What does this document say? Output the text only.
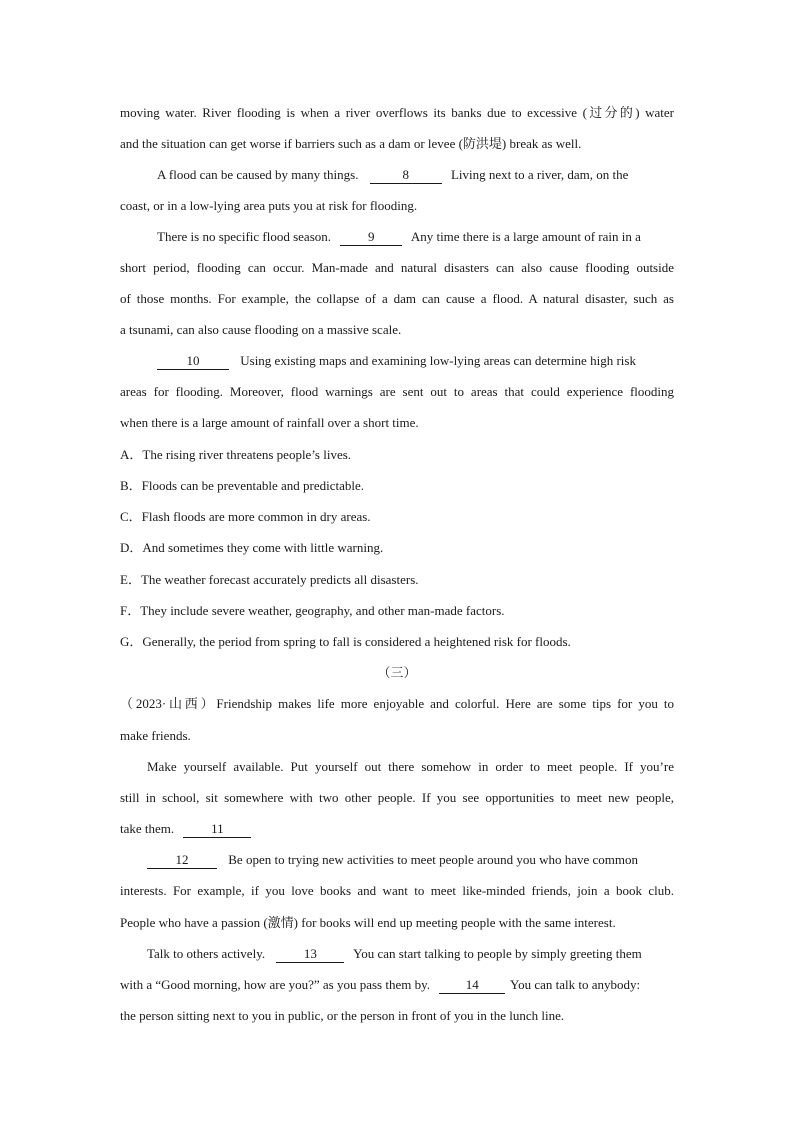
moving water. River flooding is when a river overflows its banks due to excessive (过分的) water
and the situation can get worse if barriers such as a dam or levee (防洪堤) break as well.
A flood can be caused by many things.	8	Living next to a river, dam, on the
coast, or in a low-lying area puts you at risk for flooding.
There is no specific flood season.	9	Any time there is a large amount of rain in a
short period, flooding can occur. Man-made and natural disasters can also cause flooding outside
of those months. For example, the collapse of a dam can cause a flood. A natural disaster, such as
a tsunami, can also cause flooding on a massive scale.
10	Using existing maps and examining low-lying areas can determine high risk
areas for flooding. Moreover, flood warnings are sent out to areas that could experience flooding
when there is a large amount of rainfall over a short time.
A．The rising river threatens people’s lives.
B．Floods can be preventable and predictable.
C．Flash floods are more common in dry areas.
D．And sometimes they come with little warning.
E．The weather forecast accurately predicts all disasters.
F．They include severe weather, geography, and other man-made factors.
G．Generally, the period from spring to fall is considered a heightened risk for floods.
（三）
（2023·山西）Friendship makes life more enjoyable and colorful. Here are some tips for you to
make friends.
Make yourself available. Put yourself out there somehow in order to meet people. If you’re
still in school, sit somewhere with two other people. If you see opportunities to meet new people,
take them.	11
12	Be open to trying new activities to meet people around you who have common
interests. For example, if you love books and want to meet like-minded friends, join a book club.
People who have a passion (激情) for books will end up meeting people with the same interest.
Talk to others actively.	13	You can start talking to people by simply greeting them
with a “Good morning, how are you?” as you pass them by.	14 You can talk to anybody:
the person sitting next to you in public, or the person in front of you in the lunch line.
